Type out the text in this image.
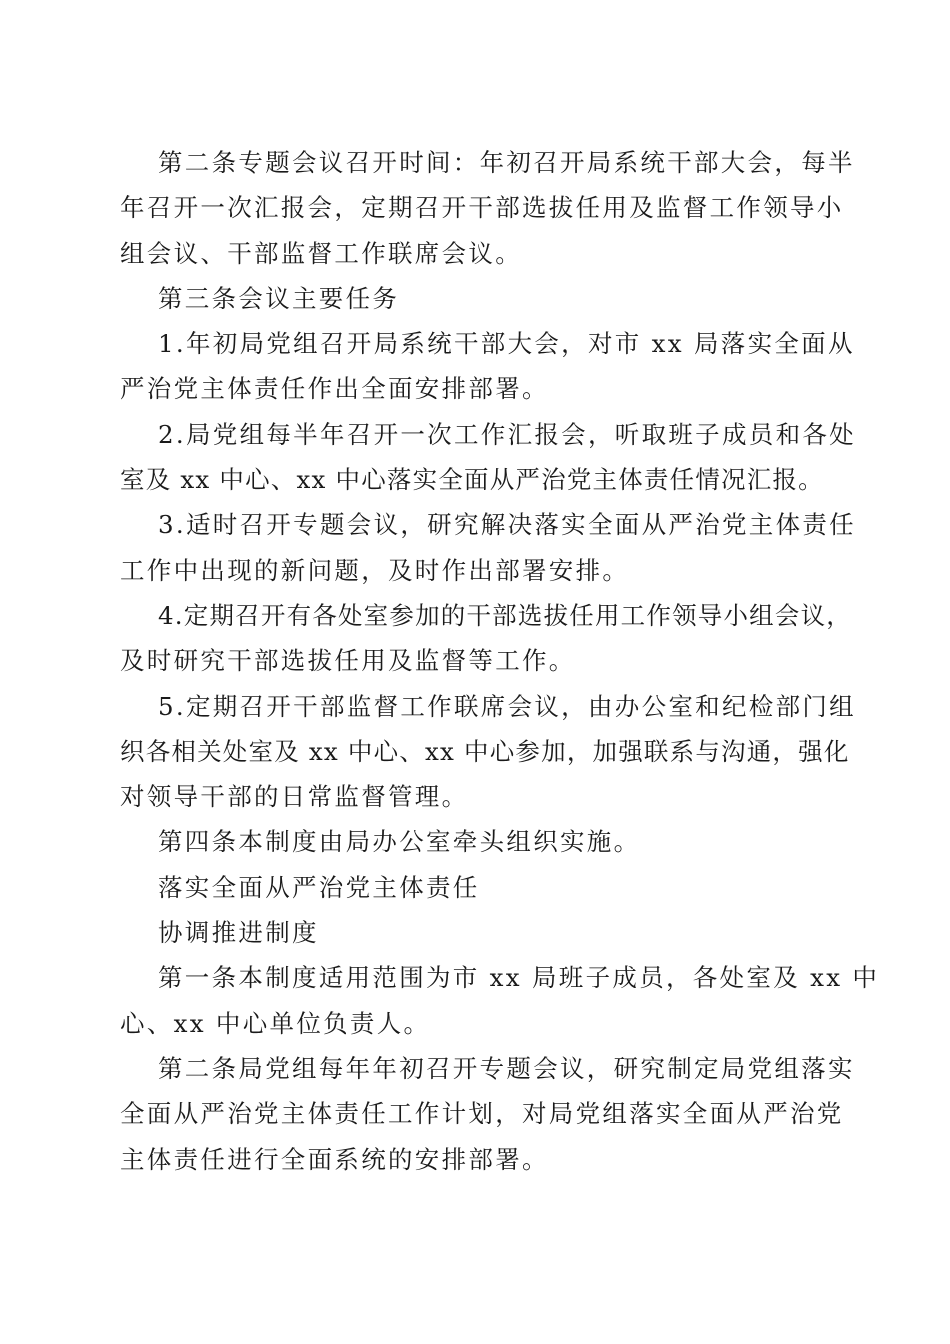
第二条专题会议召开时间：年初召开局系统干部大会，每半
年召开一次汇报会，定期召开干部选拔任用及监督工作领导小
组会议、干部监督工作联席会议。
第三条会议主要任务
1.年初局党组召开局系统干部大会，对市 xx 局落实全面从
严治党主体责任作出全面安排部署。
2.局党组每半年召开一次工作汇报会，听取班子成员和各处
室及 xx 中心、xx 中心落实全面从严治党主体责任情况汇报。
3.适时召开专题会议，研究解决落实全面从严治党主体责任
工作中出现的新问题，及时作出部署安排。
4.定期召开有各处室参加的干部选拔任用工作领导小组会议，
及时研究干部选拔任用及监督等工作。
5.定期召开干部监督工作联席会议，由办公室和纪检部门组
织各相关处室及 xx 中心、xx 中心参加，加强联系与沟通，强化
对领导干部的日常监督管理。
第四条本制度由局办公室牵头组织实施。
落实全面从严治党主体责任
协调推进制度
第一条本制度适用范围为市 xx 局班子成员，各处室及 xx 中
心、xx 中心单位负责人。
第二条局党组每年年初召开专题会议，研究制定局党组落实
全面从严治党主体责任工作计划，对局党组落实全面从严治党
主体责任进行全面系统的安排部署。
